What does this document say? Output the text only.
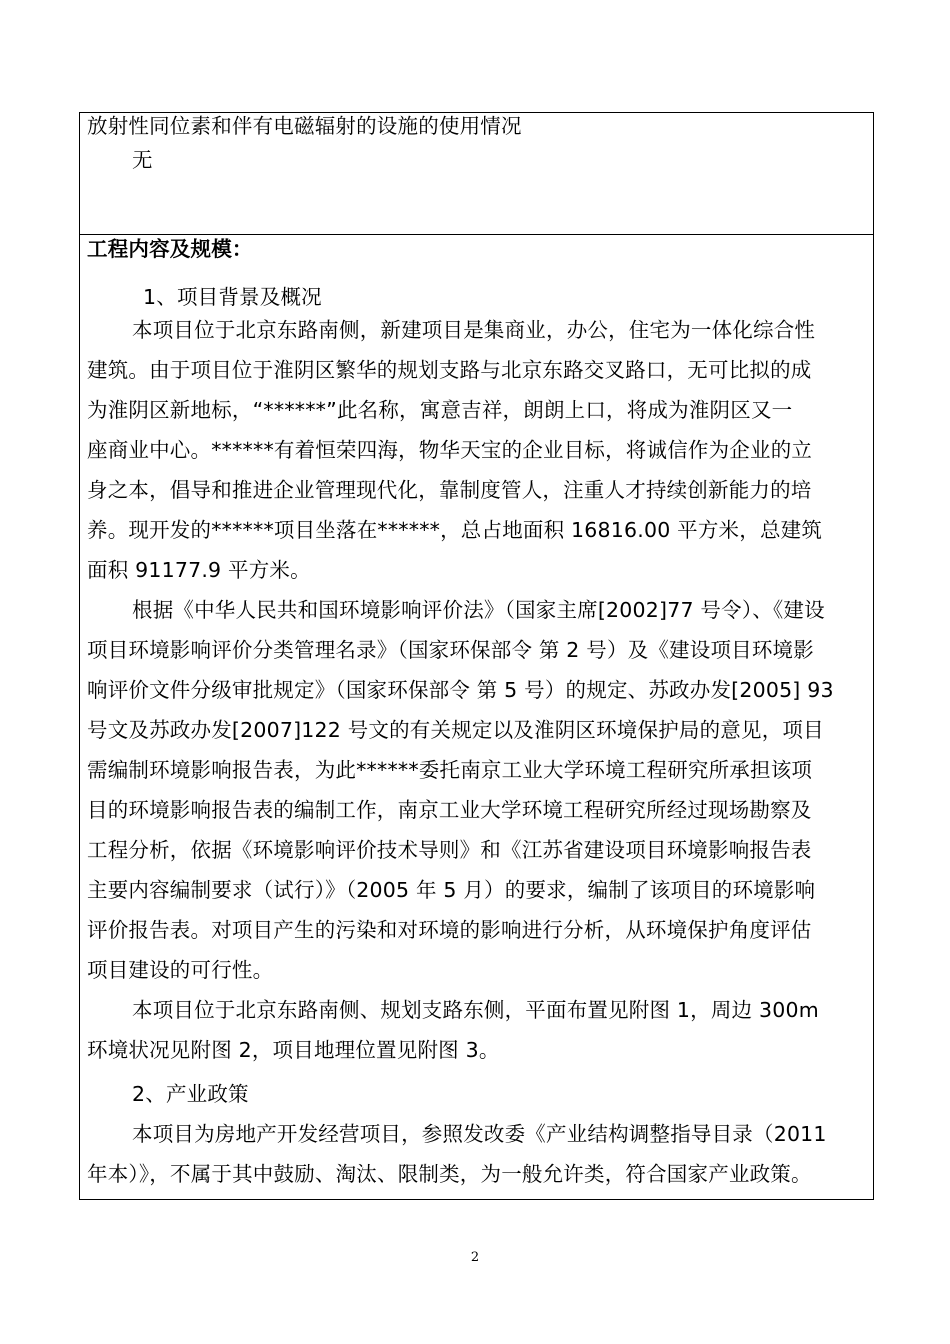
放射性同位素和伴有电磁辐射的设施的使用情况
无
工程内容及规模：
1、项目背景及概况
本项目位于北京东路南侧，新建项目是集商业，办公，住宅为一体化综合性
建筑。由于项目位于淮阴区繁华的规划支路与北京东路交叉路口，无可比拟的成
为淮阴区新地标，“******”此名称，寓意吉祥，朗朗上口，将成为淮阴区又一
座商业中心。******有着恒荣四海，物华天宝的企业目标，将诚信作为企业的立
身之本，倡导和推进企业管理现代化，靠制度管人，注重人才持续创新能力的培
养。现开发的******项目坐落在******，总占地面积 16816.00 平方米，总建筑
面积 91177.9 平方米。
根据《中华人民共和国环境影响评价法》（国家主席[2002]77 号令）、《建设
项目环境影响评价分类管理名录》（国家环保部令 第 2 号）及《建设项目环境影
响评价文件分级审批规定》（国家环保部令 第 5 号）的规定、苏政办发[2005] 93
号文及苏政办发[2007]122 号文的有关规定以及淮阴区环境保护局的意见，项目
需编制环境影响报告表，为此******委托南京工业大学环境工程研究所承担该项
目的环境影响报告表的编制工作，南京工业大学环境工程研究所经过现场勘察及
工程分析，依据《环境影响评价技术导则》和《江苏省建设项目环境影响报告表
主要内容编制要求（试行）》（2005 年 5 月）的要求，编制了该项目的环境影响
评价报告表。对项目产生的污染和对环境的影响进行分析，从环境保护角度评估
项目建设的可行性。
本项目位于北京东路南侧、规划支路东侧，平面布置见附图 1，周边 300m
环境状况见附图 2，项目地理位置见附图 3。
2、产业政策
本项目为房地产开发经营项目，参照发改委《产业结构调整指导目录（2011
年本）》，不属于其中鼓励、淘汰、限制类，为一般允许类，符合国家产业政策。
2
